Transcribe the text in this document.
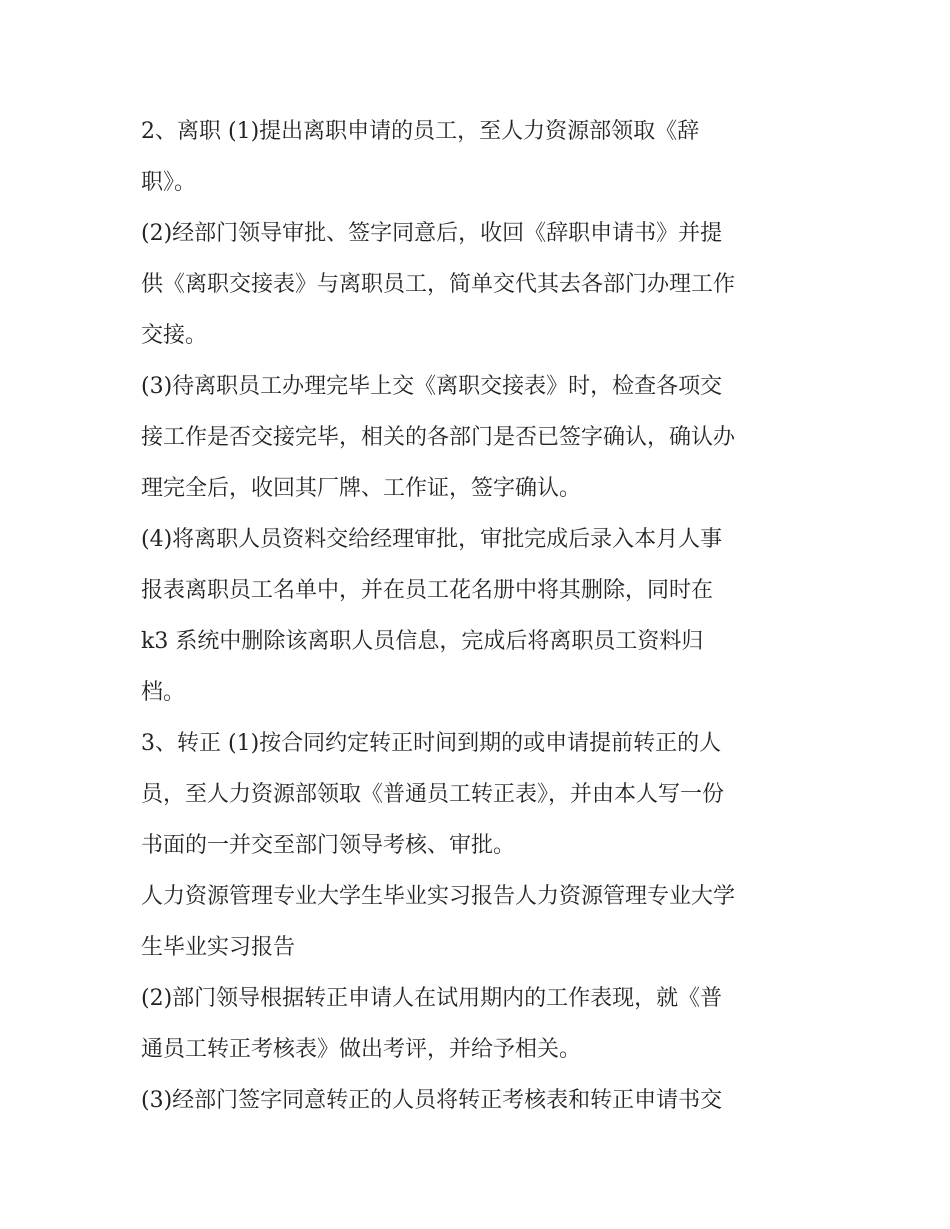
2、离职 (1)提出离职申请的员工，至人力资源部领取《辞
职》。
(2)经部门领导审批、签字同意后，收回《辞职申请书》并提
供《离职交接表》与离职员工，简单交代其去各部门办理工作
交接。
(3)待离职员工办理完毕上交《离职交接表》时，检查各项交
接工作是否交接完毕，相关的各部门是否已签字确认，确认办
理完全后，收回其厂牌、工作证，签字确认。
(4)将离职人员资料交给经理审批，审批完成后录入本月人事
报表离职员工名单中，并在员工花名册中将其删除，同时在
k3 系统中删除该离职人员信息，完成后将离职员工资料归
档。
3、转正 (1)按合同约定转正时间到期的或申请提前转正的人
员，至人力资源部领取《普通员工转正表》，并由本人写一份
书面的一并交至部门领导考核、审批。
人力资源管理专业大学生毕业实习报告人力资源管理专业大学
生毕业实习报告
(2)部门领导根据转正申请人在试用期内的工作表现，就《普
通员工转正考核表》做出考评，并给予相关。
(3)经部门签字同意转正的人员将转正考核表和转正申请书交
